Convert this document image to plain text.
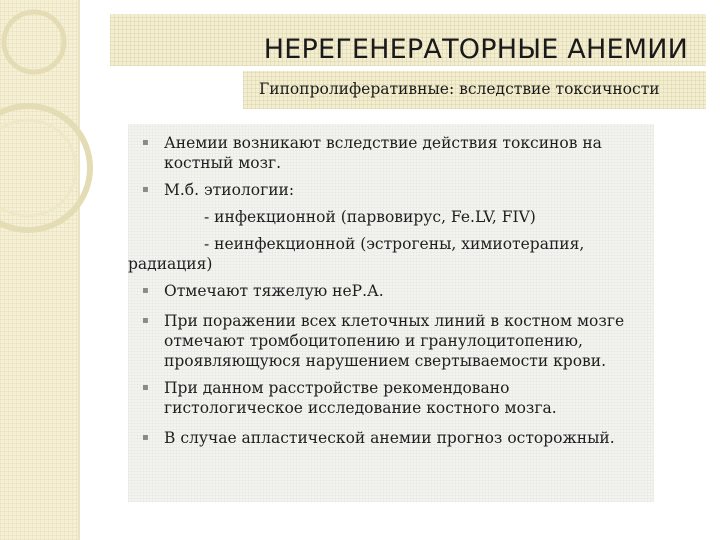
НЕРЕГЕНЕРАТОРНЫЕ АНЕМИИ
Гипопролиферативные: вследствие токсичности
▪ Анемии возникают вследствие действия токсинов на костный мозг.
▪ М.б. этиологии:
- инфекционной (парвовирус, Fe.LV, FIV)
- неинфекционной (эстрогены, химиотерапия,
радиация)
▪ Отмечают тяжелую неР.А.
▪ При поражении всех клеточных линий в костном мозге отмечают тромбоцитопению и гранулоцитопению, проявляющуюся нарушением свертываемости крови.
▪ При данном расстройстве рекомендовано гистологическое исследование костного мозга.
▪ В случае апластической анемии прогноз осторожный.
